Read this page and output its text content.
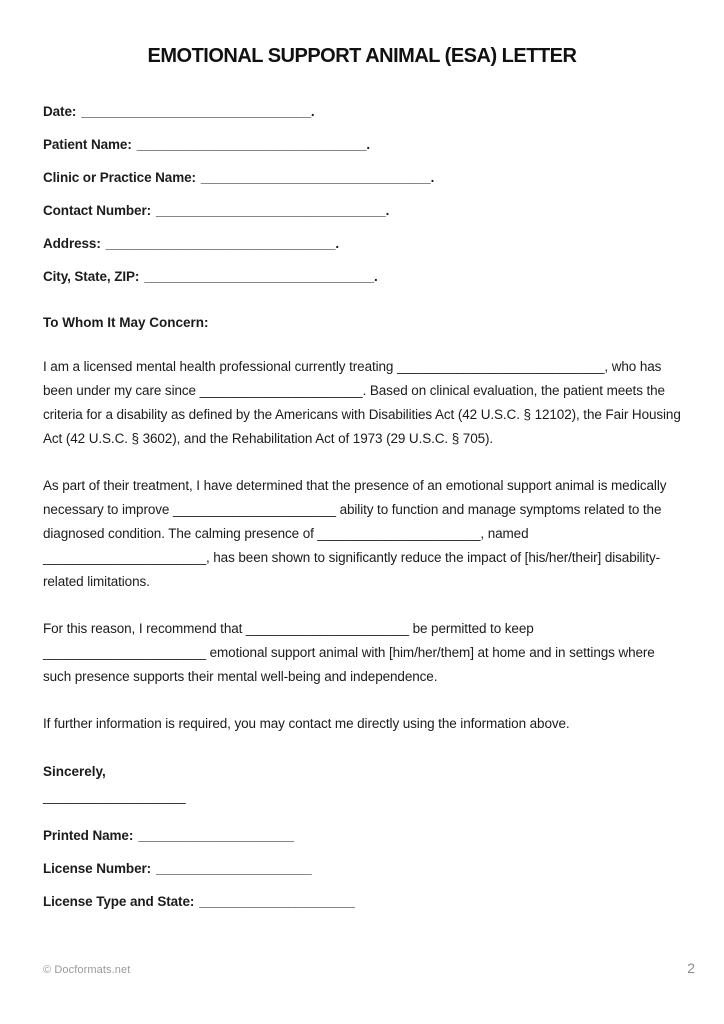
EMOTIONAL SUPPORT ANIMAL (ESA) LETTER
Date: _______________________________.
Patient Name: _______________________________.
Clinic or Practice Name: _______________________________.
Contact Number: _______________________________.
Address: _______________________________.
City, State, ZIP: _______________________________.
To Whom It May Concern:

I am a licensed mental health professional currently treating ____________________________, who has been under my care since ______________________. Based on clinical evaluation, the patient meets the criteria for a disability as defined by the Americans with Disabilities Act (42 U.S.C. § 12102), the Fair Housing Act (42 U.S.C. § 3602), and the Rehabilitation Act of 1973 (29 U.S.C. § 705).

As part of their treatment, I have determined that the presence of an emotional support animal is medically necessary to improve ______________________ ability to function and manage symptoms related to the diagnosed condition. The calming presence of ______________________, named ______________________, has been shown to significantly reduce the impact of [his/her/their] disability-related limitations.

For this reason, I recommend that ______________________ be permitted to keep ______________________ emotional support animal with [him/her/them] at home and in settings where such presence supports their mental well-being and independence.

If further information is required, you may contact me directly using the information above.

Sincerely,
___________________
Printed Name: _____________________
License Number: _____________________
License Type and State: _____________________
© Docformats.net	2
